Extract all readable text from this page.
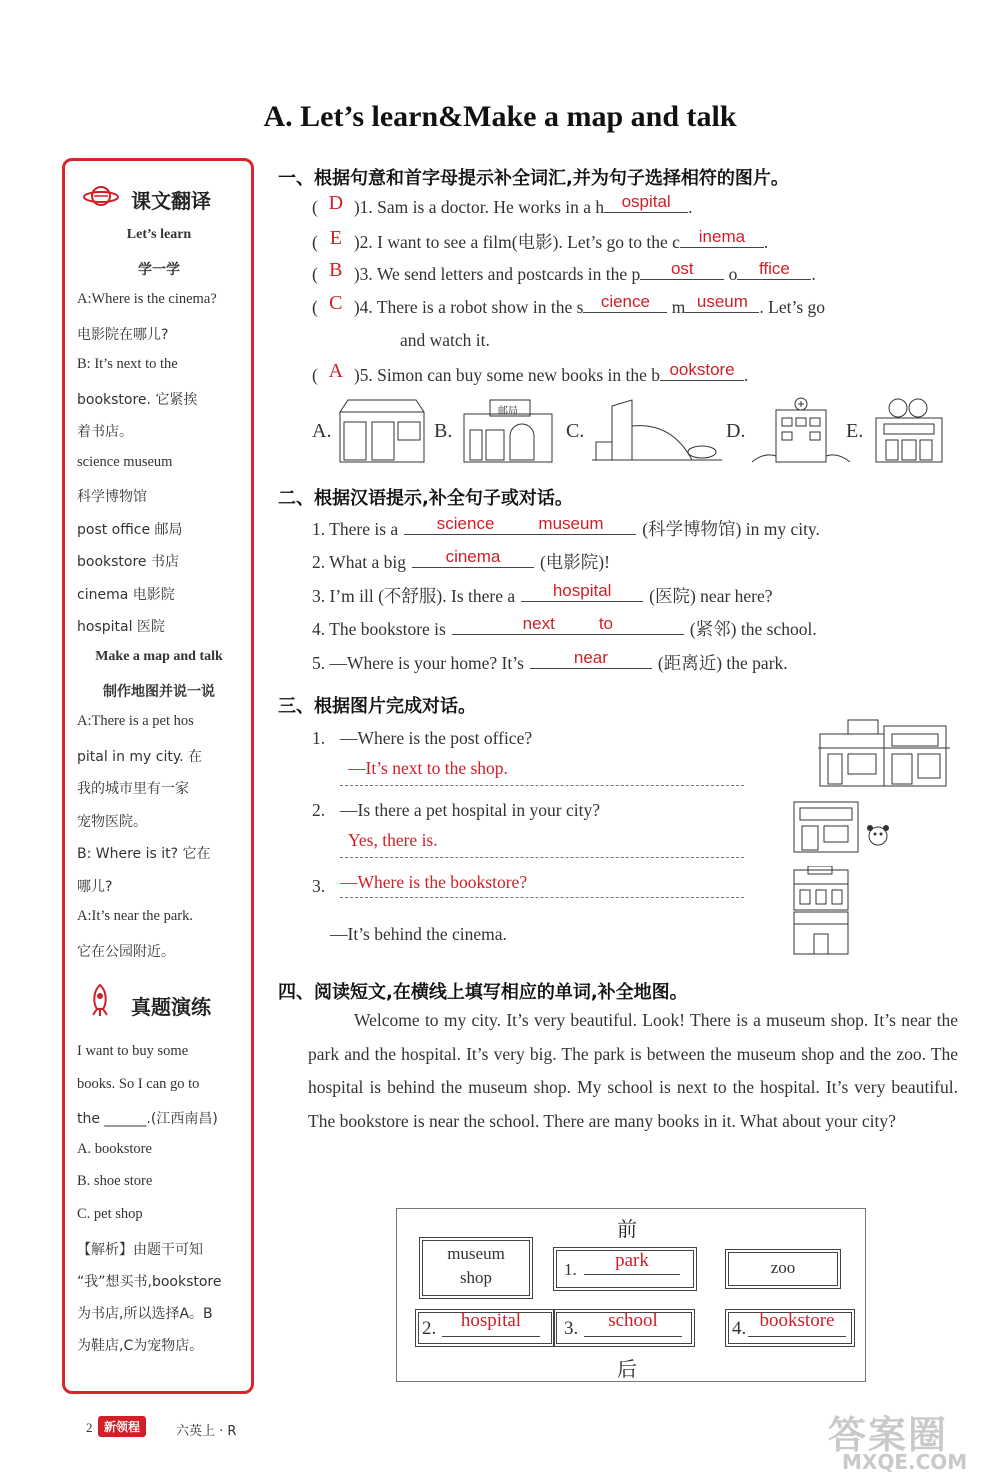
A. Let’s learn&Make a map and talk
课文翻译
Let’s learn
学一学
A:Where is the cinema?
电影院在哪儿?
B: It’s next to the
bookstore. 它紧挨
着书店。
science museum
科学博物馆
post office 邮局
bookstore 书店
cinema 电影院
hospital 医院
Make a map and talk
制作地图并说一说
A:There is a pet hos
pital in my city. 在
我的城市里有一家
宠物医院。
B: Where is it? 它在
哪儿?
A:It’s near the park.
它在公园附近。
真题演练
I want to buy some
books. So I can go to
the ______.(江西南昌)
A. bookstore
B. shoe store
C. pet shop
【解析】由题干可知
“我”想买书,bookstore
为书店,所以选择A。B
为鞋店,C为宠物店。
一、根据句意和首字母提示补全词汇,并为句子选择相符的图片。
( D )1. Sam is a doctor. He works in a h ospital .
( E )2. I want to see a film(电影). Let’s go to the c inema .
( B )3. We send letters and postcards in the p ost o ffice .
( C )4. There is a robot show in the s cience m useum . Let’s go
and watch it.
( A )5. Simon can buy some new books in the b ookstore .
A.	B.	C.	D.	E.
邮局
二、根据汉语提示,补全句子或对话。
1. There is a science	museum (科学博物馆) in my city.
2. What a big cinema (电影院)!
3. I’m ill (不舒服). Is there a hospital (医院) near here?
4. The bookstore is	next	to	(紧邻) the school.
5. —Where is your home? It’s	near	(距离近) the park.
三、根据图片完成对话。
1. —Where is the post office?
—It’s next to the shop.
2. —Is there a pet hospital in your city?
Yes, there is.
3. —Where is the bookstore?
—It’s behind the cinema.
四、阅读短文,在横线上填写相应的单词,补全地图。
Welcome to my city. It’s very beautiful. Look! There is a museum shop. It’s near the park and the hospital. It’s very big. The park is between the museum shop and the zoo. The hospital is behind the museum shop. My school is next to the hospital. It’s very beautiful. The bookstore is near the school. There are many books in it. What about your city?
前
后
museum
shop	1.	park	zoo
2.	hospital	3.	school	4. bookstore
2 新领程	六英上 · R	答案圈
MXQE.COM
